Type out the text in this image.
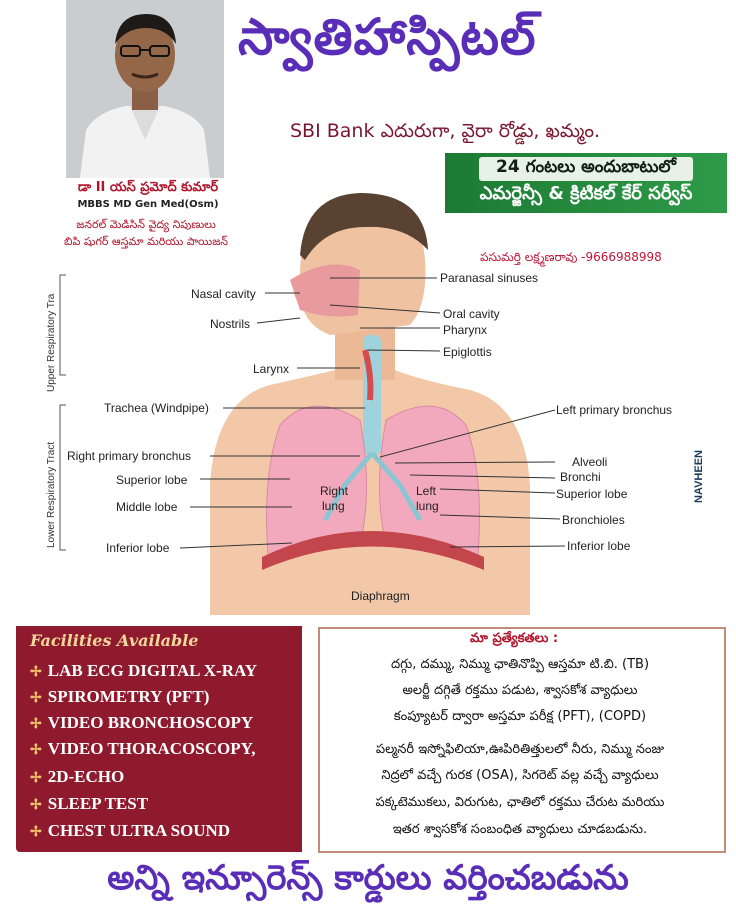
స్వాతిహాస్పిటల్
SBI Bank ఎదురుగా, వైరా రోడ్డు, ఖమ్మం.
24 గంటలు అందుబాటులో
ఎమర్జెన్సీ & క్రిటికల్ కేర్ సర్వీస్
డా II యస్ ప్రమోద్ కుమార్
MBBS MD Gen Med(Osm)
జనరల్ మెడిసిన్ వైద్య నిపుణులు
బిపి షుగర్ ఆస్తమా మరియు పాయిజన్
పసుమర్తి లక్ష్మణరావు -9666988998
Upper Respiratory Tra
Lower Respiratory Tract
Nasal cavity
Nostrils
Larynx
Trachea (Windpipe)
Right primary bronchus
Superior lobe
Middle lobe
Inferior lobe
Paranasal sinuses
Oral cavity
Pharynx
Epiglottis
Left primary bronchus
Alveoli
Bronchi
Superior lobe
Bronchioles
Inferior lobe
Right
lung
Left
lung
Diaphragm
NAVHEEN
Facilities Available
✢ LAB ECG DIGITAL X-RAY
✢ SPIROMETRY (PFT)
✢ VIDEO BRONCHOSCOPY
✢ VIDEO THORACOSCOPY,
✢ 2D-ECHO
✢ SLEEP TEST
✢ CHEST ULTRA SOUND
మా ప్రత్యేకతలు :
దగ్గు, దమ్ము, నిమ్ము ఛాతినొప్పి ఆస్తమా టి.బి. (TB)
అలర్జీ దగ్గితే రక్తము పడుట, శ్వాసకోశ వ్యాధులు
కంప్యూటర్ ద్వారా అస్తమా పరీక్ష (PFT), (COPD)
పల్మనరీ ఇస్నోఫిలియా,ఊపిరితిత్తులలో నీరు, నిమ్ము నంజు
నిద్రలో వచ్చే గురక (OSA), సిగరెట్ వల్ల వచ్చే వ్యాధులు
పక్కటెముకలు, విరుగుట, ఛాతిలో రక్తము చేరుట మరియు
ఇతర శ్వాసకోశ సంబంధిత వ్యాధులు చూడబడును.
అన్ని ఇన్సూరెన్స్ కార్డులు వర్తించబడును
